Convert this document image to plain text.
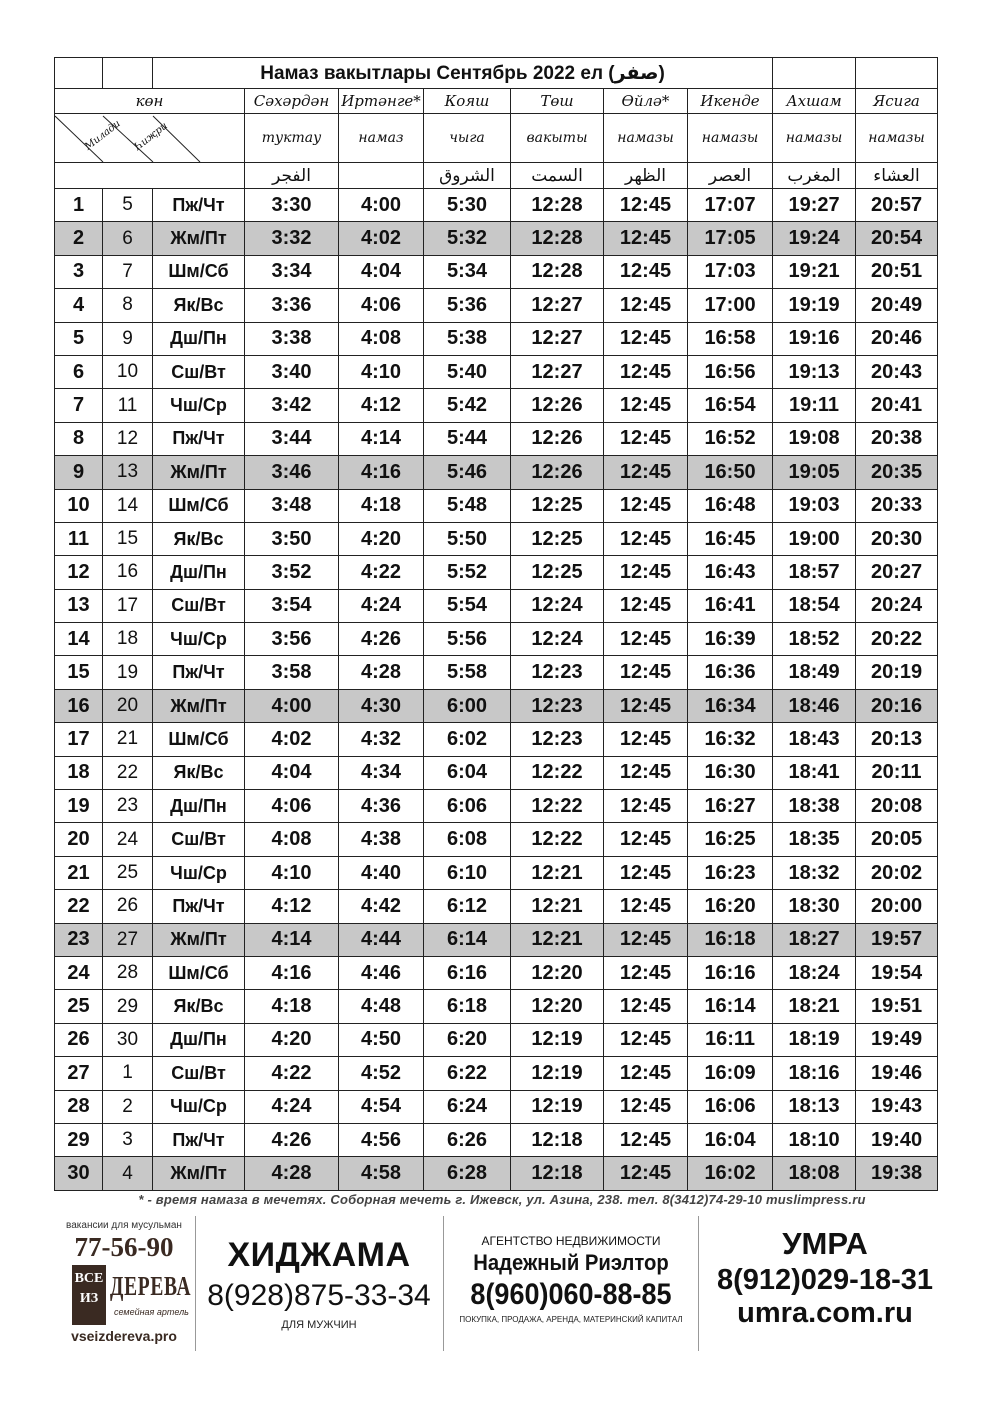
		Намаз вакытлары Сентябрь 2022 ел (صفر)								
көн			Сәхәрдән	Иртәнге*	Кояш	Төш	Өйлә*	Икенде	Ахшам	Ясига

Милади Һиҗри			туктау	намаз	чыга	вакыты	намазы	намазы	намазы	намазы
			الفجر		الشروق	السمت	الظهر	العصر	المغرب	العشاء
1	5	Пж/Чт	3:30	4:00	5:30	12:28	12:45	17:07	19:27	20:57
2	6	Жм/Пт	3:32	4:02	5:32	12:28	12:45	17:05	19:24	20:54
3	7	Шм/Сб	3:34	4:04	5:34	12:28	12:45	17:03	19:21	20:51
4	8	Як/Вс	3:36	4:06	5:36	12:27	12:45	17:00	19:19	20:49
5	9	Дш/Пн	3:38	4:08	5:38	12:27	12:45	16:58	19:16	20:46
6	10	Сш/Вт	3:40	4:10	5:40	12:27	12:45	16:56	19:13	20:43
7	11	Чш/Ср	3:42	4:12	5:42	12:26	12:45	16:54	19:11	20:41
8	12	Пж/Чт	3:44	4:14	5:44	12:26	12:45	16:52	19:08	20:38
9	13	Жм/Пт	3:46	4:16	5:46	12:26	12:45	16:50	19:05	20:35
10	14	Шм/Сб	3:48	4:18	5:48	12:25	12:45	16:48	19:03	20:33
11	15	Як/Вс	3:50	4:20	5:50	12:25	12:45	16:45	19:00	20:30
12	16	Дш/Пн	3:52	4:22	5:52	12:25	12:45	16:43	18:57	20:27
13	17	Сш/Вт	3:54	4:24	5:54	12:24	12:45	16:41	18:54	20:24
14	18	Чш/Ср	3:56	4:26	5:56	12:24	12:45	16:39	18:52	20:22
15	19	Пж/Чт	3:58	4:28	5:58	12:23	12:45	16:36	18:49	20:19
16	20	Жм/Пт	4:00	4:30	6:00	12:23	12:45	16:34	18:46	20:16
17	21	Шм/Сб	4:02	4:32	6:02	12:23	12:45	16:32	18:43	20:13
18	22	Як/Вс	4:04	4:34	6:04	12:22	12:45	16:30	18:41	20:11
19	23	Дш/Пн	4:06	4:36	6:06	12:22	12:45	16:27	18:38	20:08
20	24	Сш/Вт	4:08	4:38	6:08	12:22	12:45	16:25	18:35	20:05
21	25	Чш/Ср	4:10	4:40	6:10	12:21	12:45	16:23	18:32	20:02
22	26	Пж/Чт	4:12	4:42	6:12	12:21	12:45	16:20	18:30	20:00
23	27	Жм/Пт	4:14	4:44	6:14	12:21	12:45	16:18	18:27	19:57
24	28	Шм/Сб	4:16	4:46	6:16	12:20	12:45	16:16	18:24	19:54
25	29	Як/Вс	4:18	4:48	6:18	12:20	12:45	16:14	18:21	19:51
26	30	Дш/Пн	4:20	4:50	6:20	12:19	12:45	16:11	18:19	19:49
27	1	Сш/Вт	4:22	4:52	6:22	12:19	12:45	16:09	18:16	19:46
28	2	Чш/Ср	4:24	4:54	6:24	12:19	12:45	16:06	18:13	19:43
29	3	Пж/Чт	4:26	4:56	6:26	12:18	12:45	16:04	18:10	19:40
30	4	Жм/Пт	4:28	4:58	6:28	12:18	12:45	16:02	18:08	19:38
* - время намаза в мечетях. Соборная мечеть г. Ижевск, ул. Азина, 238. тел. 8(3412)74-29-10 muslimpress.ru
вакансии для мусульман
77-56-90
ВСЕ
ИЗ ДЕРЕВА
семейная артель
vseizdereva.pro
ХИДЖАМА
8(928)875-33-34
ДЛЯ МУЖЧИН
АГЕНТСТВО НЕДВИЖИМОСТИ
Надежный Риэлтор
8(960)060-88-85
ПОКУПКА, ПРОДАЖА, АРЕНДА, МАТЕРИНСКИЙ КАПИТАЛ
УМРА
8(912)029-18-31
umra.com.ru
